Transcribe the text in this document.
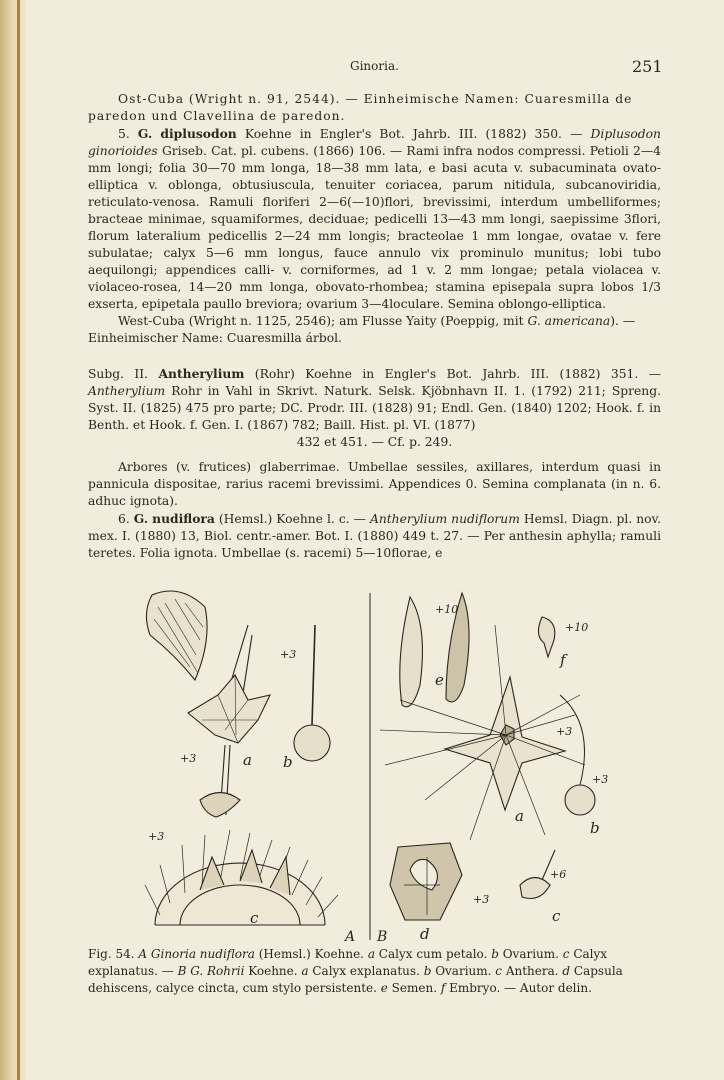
Ginoria.	251

Ost-Cuba (Wright n. 91, 2544). — Einheimische Namen: Cuaresmilla de paredon und Clavellina de paredon.

5. G. diplusodon Koehne in Engler's Bot. Jahrb. III. (1882) 350. — Diplusodon ginorioides Griseb. Cat. pl. cubens. (1866) 106. — Rami infra nodos compressi. Petioli 2—4 mm longi; folia 30—70 mm longa, 18—38 mm lata, e basi acuta v. subacuminata ovato-elliptica v. oblonga, obtusiuscula, tenuiter coriacea, parum nitidula, subcanoviridia, reticulato-venosa. Ramuli floriferi 2—6(—10)flori, brevissimi, interdum umbelliformes; bracteae minimae, squamiformes, deciduae; pedicelli 13—43 mm longi, saepissime 3flori, florum lateralium pedicellis 2—24 mm longis; bracteolae 1 mm longae, ovatae v. fere subulatae; calyx 5—6 mm longus, fauce annulo vix prominulo munitus; lobi tubo aequilongi; appendices calli- v. corniformes, ad 1 v. 2 mm longae; petala violacea v. violaceo-rosea, 14—20 mm longa, obovato-rhombea; stamina episepala supra lobos 1/3 exserta, epipetala paullo breviora; ovarium 3—4loculare. Semina oblongo-elliptica.

West-Cuba (Wright n. 1125, 2546); am Flusse Yaity (Poeppig, mit G. americana). — Einheimischer Name: Cuaresmilla árbol.

Subg. II. Antherylium (Rohr) Koehne in Engler's Bot. Jahrb. III. (1882) 351. — Antherylium Rohr in Vahl in Skrivt. Naturk. Selsk. Kjöbnhavn II. 1. (1792) 211; Spreng. Syst. II. (1825) 475 pro parte; DC. Prodr. III. (1828) 91; Endl. Gen. (1840) 1202; Hook. f. in Benth. et Hook. f. Gen. I. (1867) 782; Baill. Hist. pl. VI. (1877)

432 et 451. — Cf. p. 249.

Arbores (v. frutices) glaberrimae. Umbellae sessiles, axillares, interdum quasi in pannicula dispositae, rarius racemi brevissimi. Appendices 0. Semina complanata (in n. 6. adhuc ignota).

6. G. nudiflora (Hemsl.) Koehne l. c. — Antherylium nudiflorum Hemsl. Diagn. pl. nov. mex. I. (1880) 13, Biol. centr.-amer. Bot. I. (1880) 449 t. 27. — Per anthesin aphylla; ramuli teretes. Folia ignota. Umbellae (s. racemi) 5—10florae, e

+3
+3	a b
+3
c
A
+10
+10
f
e
+3
+3
a
b
+3
+6
d
c
B
Fig. 54. A Ginoria nudiflora (Hemsl.) Koehne. a Calyx cum petalo. b Ovarium. c Calyx explanatus. — B G. Rohrii Koehne. a Calyx explanatus. b Ovarium. c Anthera. d Capsula dehiscens, calyce cincta, cum stylo persistente. e Semen. f Embryo. — Autor delin.
